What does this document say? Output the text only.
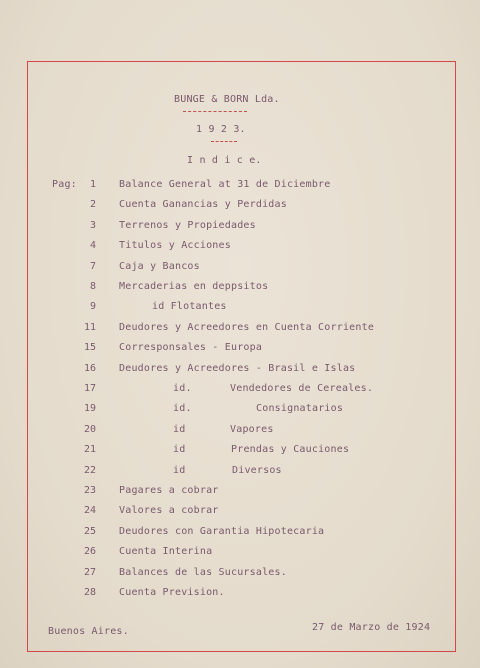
BUNGE & BORN Lda.
1 9 2 3.
I n d i c e.
Pag:	1 Balance General at 31 de Diciembre
2 Cuenta Ganancias y Perdidas
3 Terrenos y Propiedades
4 Titulos y Acciones
7 Caja y Bancos
8 Mercaderias en deppsitos
9	id Flotantes
11 Deudores y Acreedores en Cuenta Corriente
15 Corresponsales - Europa
16 Deudores y Acreedores - Brasil e Islas
17	id.	Vendedores de Cereales.
19	id.	Consignatarios
20	id	Vapores
21	id	Prendas y Cauciones
22	id	Diversos
23 Pagares a cobrar
24 Valores a cobrar
25 Deudores con Garantia Hipotecaria
26 Cuenta Interina
27 Balances de las Sucursales.
28 Cuenta Prevision.
Buenos Aires.	27 de Marzo de 1924
